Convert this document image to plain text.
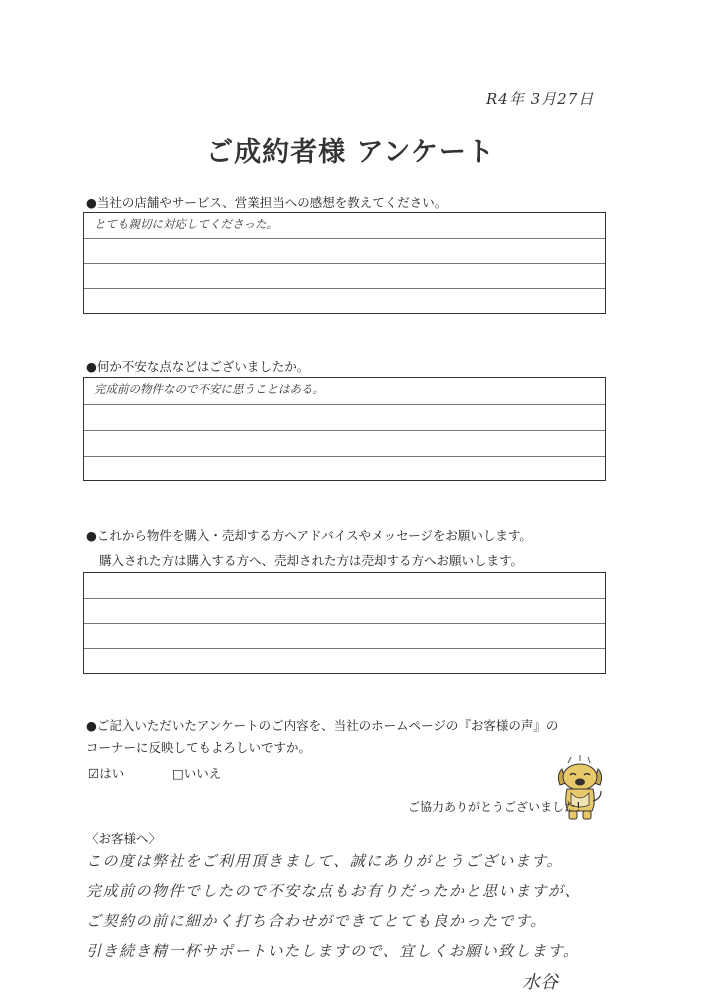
R4年 3月27日
ご成約者様 アンケート
●当社の店舗やサービス、営業担当への感想を教えてください。
とても親切に対応してくださった。
●何か不安な点などはございましたか。
完成前の物件なので不安に思うことはある。
●これから物件を購入・売却する方へアドバイスやメッセージをお願いします。
購入された方は購入する方へ、売却された方は売却する方へお願いします。
●ご記入いただいたアンケートのご内容を、当社のホームページの『お客様の声』の
コーナーに反映してもよろしいですか。
☑はい	□いいえ
ご協力ありがとうございました!
〈お客様へ〉
この度は弊社をご利用頂きまして、誠にありがとうございます。
完成前の物件でしたので不安な点もお有りだったかと思いますが、
ご契約の前に細かく打ち合わせができてとても良かったです。
引き続き精一杯サポートいたしますので、宜しくお願い致します。
水谷
